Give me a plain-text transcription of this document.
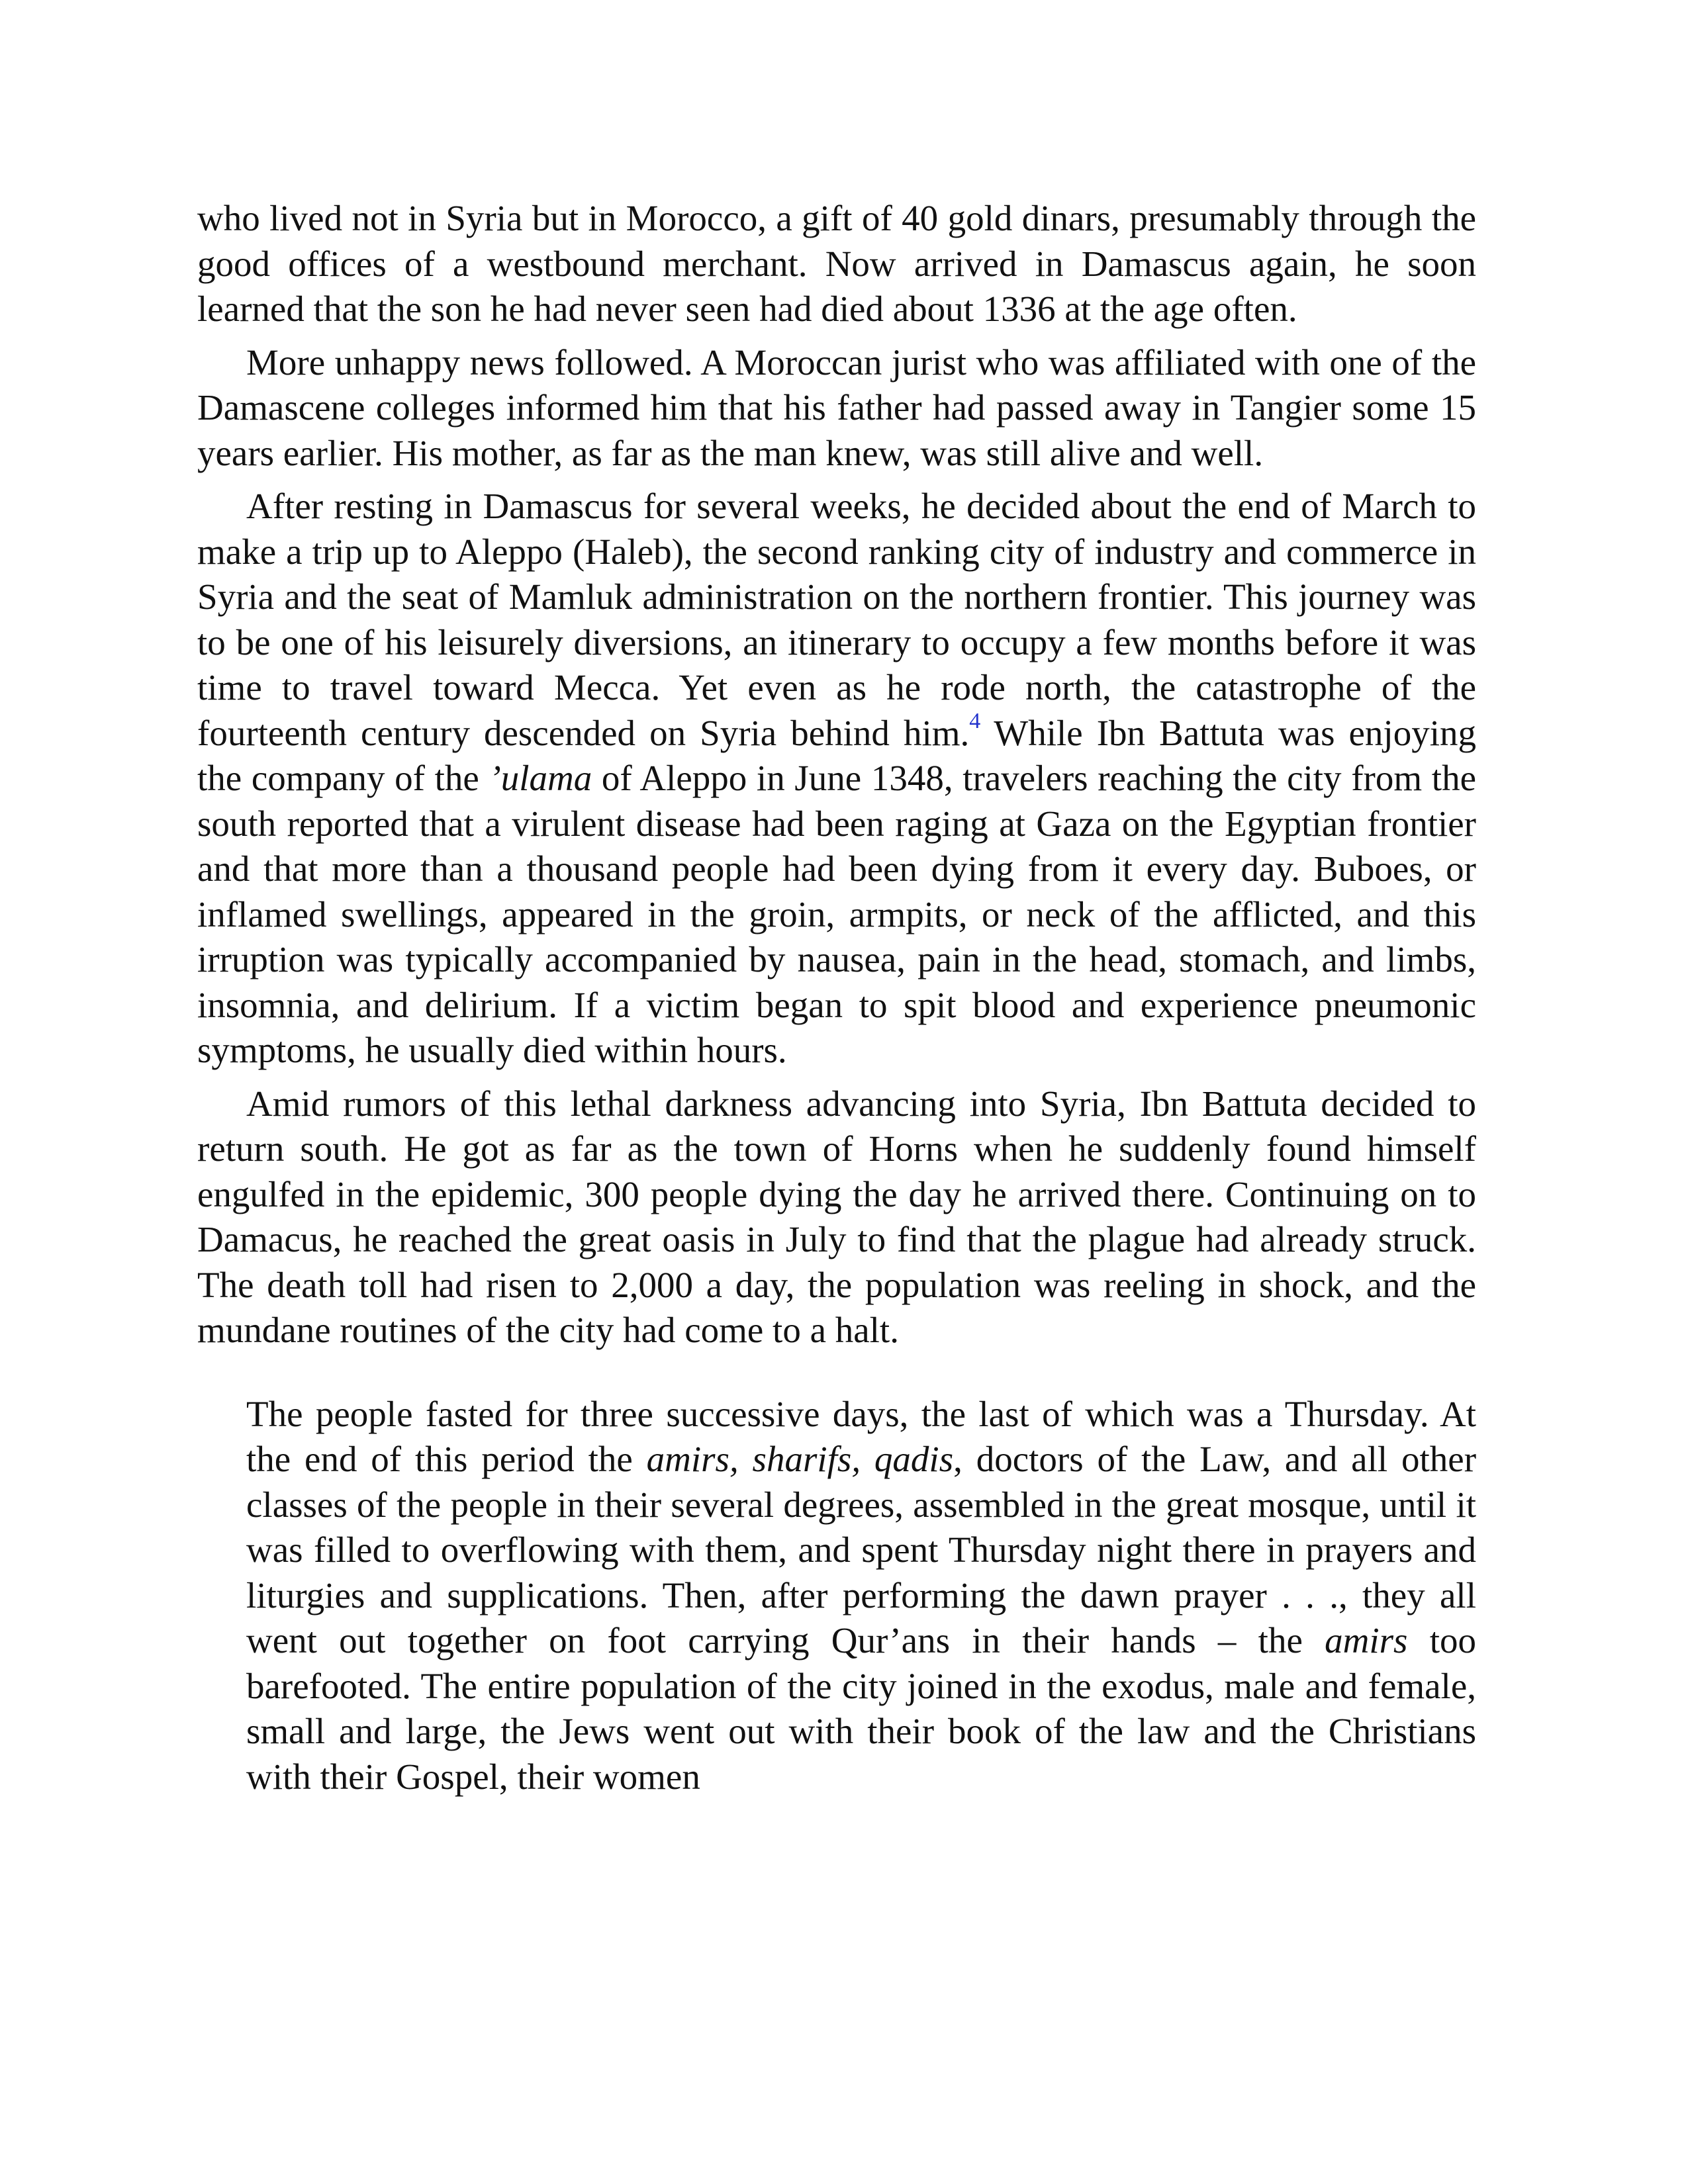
who lived not in Syria but in Morocco, a gift of 40 gold dinars, presumably through the good offices of a westbound merchant. Now arrived in Damascus again, he soon learned that the son he had never seen had died about 1336 at the age often.

More unhappy news followed. A Moroccan jurist who was affiliated with one of the Damascene colleges informed him that his father had passed away in Tangier some 15 years earlier. His mother, as far as the man knew, was still alive and well.

After resting in Damascus for several weeks, he decided about the end of March to make a trip up to Aleppo (Haleb), the second ranking city of industry and commerce in Syria and the seat of Mamluk administration on the northern frontier. This journey was to be one of his leisurely diversions, an itinerary to occupy a few months before it was time to travel toward Mecca. Yet even as he rode north, the catastrophe of the fourteenth century descended on Syria behind him.$^4$ While Ibn Battuta was enjoying the company of the ’ulama of Aleppo in June 1348, travelers reaching the city from the south reported that a virulent disease had been raging at Gaza on the Egyptian frontier and that more than a thousand people had been dying from it every day. Buboes, or inflamed swellings, appeared in the groin, armpits, or neck of the afflicted, and this irruption was typically accompanied by nausea, pain in the head, stomach, and limbs, insomnia, and delirium. If a victim began to spit blood and experience pneumonic symptoms, he usually died within hours.

Amid rumors of this lethal darkness advancing into Syria, Ibn Battuta decided to return south. He got as far as the town of Horns when he suddenly found himself engulfed in the epidemic, 300 people dying the day he arrived there. Continuing on to Damacus, he reached the great oasis in July to find that the plague had already struck. The death toll had risen to 2,000 a day, the population was reeling in shock, and the mundane routines of the city had come to a halt.

The people fasted for three successive days, the last of which was a Thursday. At the end of this period the amirs, sharifs, qadis, doctors of the Law, and all other classes of the people in their several degrees, assembled in the great mosque, until it was filled to overflowing with them, and spent Thursday night there in prayers and liturgies and supplications. Then, after performing the dawn prayer . . ., they all went out together on foot carrying Qur’ans in their hands – the amirs too barefooted. The entire population of the city joined in the exodus, male and female, small and large, the Jews went out with their book of the law and the Christians with their Gospel, their women
